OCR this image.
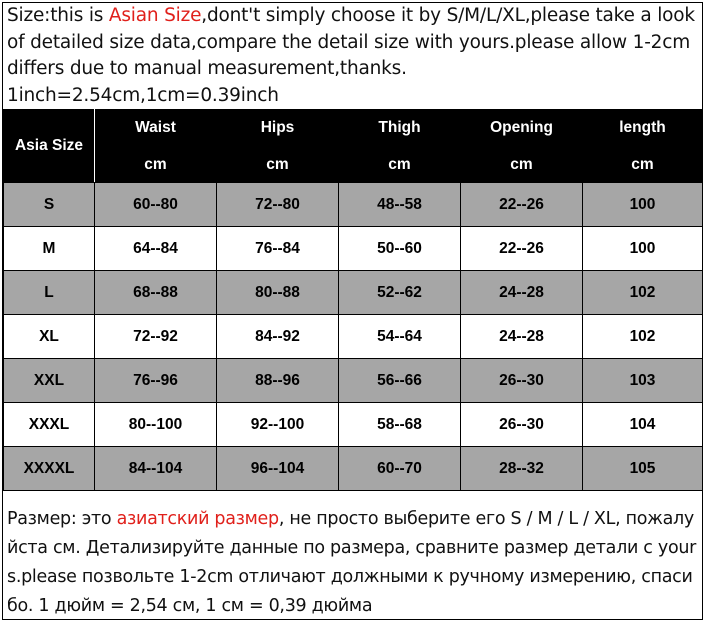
Size:this is Asian Size,dont't simply choose it by S/M/L/XL,please take a look of detailed size data,compare the detail size with yours.please allow 1-2cm differs due to manual measurement,thanks.
1inch=2.54cm,1cm=0.39inch
Asia Size	Waist	Hips	Thigh	Opening	length
	cm	cm	cm	cm	cm
S	60--80	72--80	48--58	22--26	100
M	64--84	76--84	50--60	22--26	100
L	68--88	80--88	52--62	24--28	102
XL	72--92	84--92	54--64	24--28	102
XXL	76--96	88--96	56--66	26--30	103
XXXL	80--100	92--100	58--68	26--30	104
XXXXL	84--104	96--104	60--70	28--32	105
Размер: это азиатский размер, не просто выберите его S / M / L / XL, пожалуйста см. Детализируйте данные по размера, сравните размер детали с yours.please позвольте 1-2cm отличают должными к ручному измерению, спасибо. 1 дюйм = 2,54 см, 1 см = 0,39 дюйма
